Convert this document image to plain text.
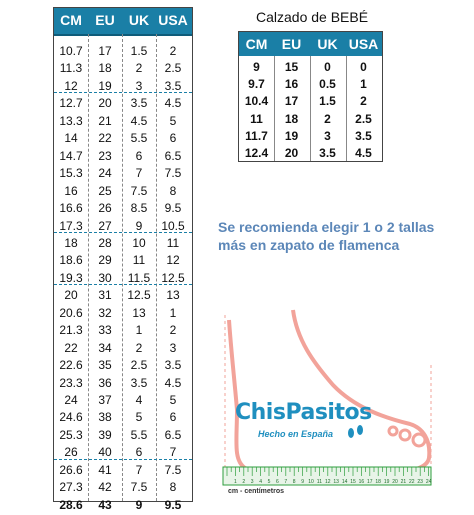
CM EU	UK USA
10.7	17	1.5	2
11.3	18	2	2.5
12	19	3	3.5
12.7	20	3.5	4.5
13.3	21	4.5	5
14	22	5.5	6
14.7	23	6	6.5
15.3	24	7	7.5
16	25	7.5	8
16.6	26	8.5	9.5
17.3	27	9	10.5
18	28	10	11
18.6	29	11	12
19.3	30	11.5 12.5
20	31	12.5	13
20.6	32	13	1
21.3	33	1	2
22	34	2	3
22.6	35	2.5	3.5
23.3	36	3.5	4.5
24	37	4	5
24.6	38	5	6
25.3	39	5.5	6.5
26	40	6	7
26.6	41	7	7.5
27.3	42	7.5	8
28.6	43	9	9.5
Calzado de BEBÉ
CM	EU	UK USA
9	15	0	0
9.7	16	0.5	1
10.4	17	1.5	2
11	18	2	2.5
11.7	19	3	3.5
12.4	20	3.5	4.5
Se recomienda elegir 1 o 2 tallas
más en zapato de flamenca
1 2 3 4 5 6 7 8 9 10 11 12 13 14 15 16 17 18 19 20 21 22 23 24
ChisPasitos
Hecho en España
cm - centímetros
